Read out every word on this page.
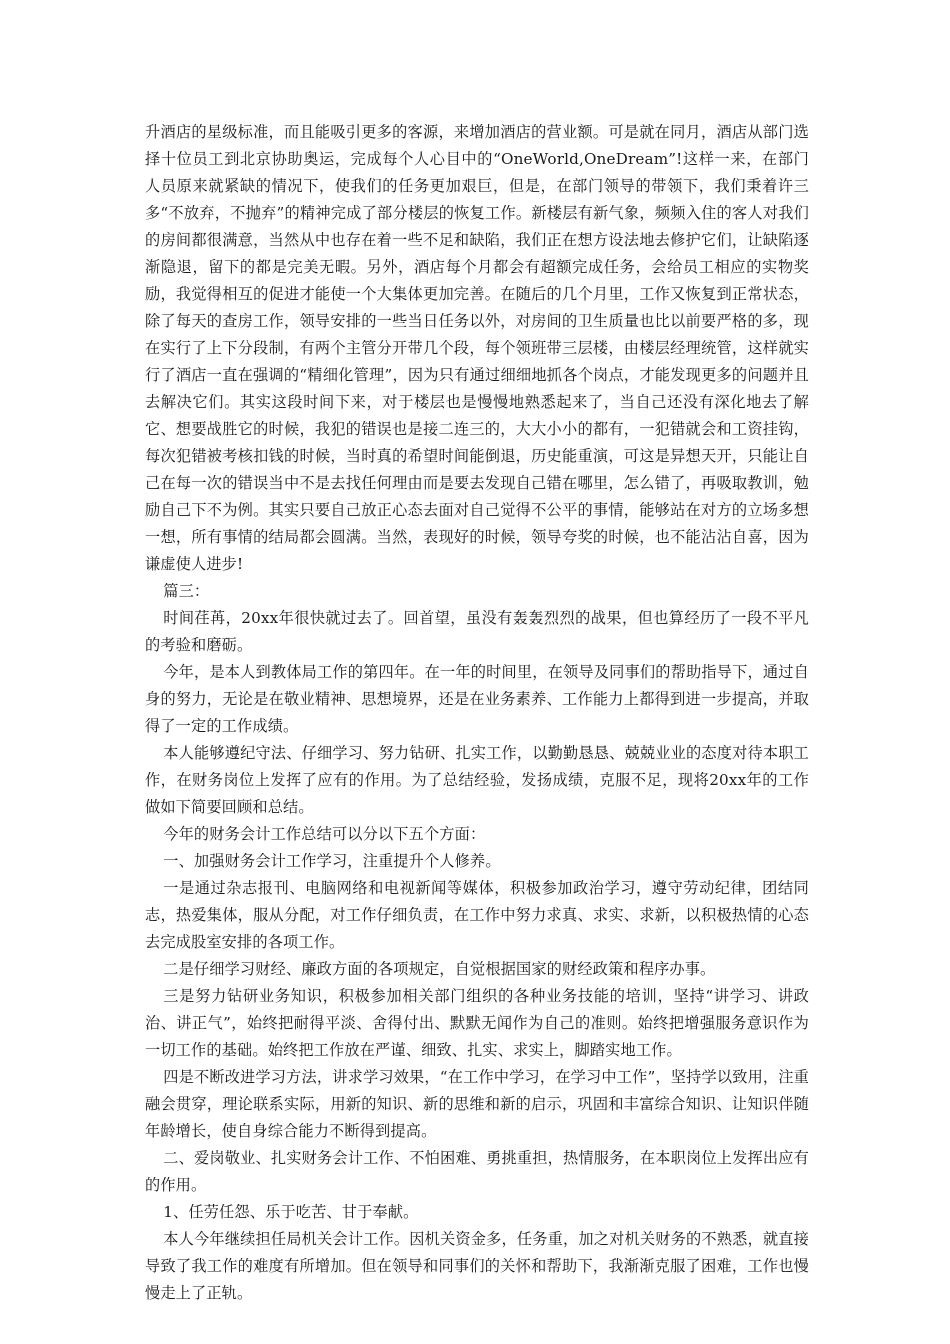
升酒店的星级标准，而且能吸引更多的客源，来增加酒店的营业额。可是就在同月，酒店从部门选择十位员工到北京协助奥运，完成每个人心目中的“OneWorld,OneDream”!这样一来，在部门人员原来就紧缺的情况下，使我们的任务更加艰巨，但是，在部门领导的带领下，我们秉着许三多“不放弃，不抛弃”的精神完成了部分楼层的恢复工作。新楼层有新气象，频频入住的客人对我们的房间都很满意，当然从中也存在着一些不足和缺陷，我们正在想方设法地去修护它们，让缺陷逐渐隐退，留下的都是完美无暇。另外，酒店每个月都会有超额完成任务，会给员工相应的实物奖励，我觉得相互的促进才能使一个大集体更加完善。在随后的几个月里，工作又恢复到正常状态，除了每天的查房工作，领导安排的一些当日任务以外，对房间的卫生质量也比以前要严格的多，现在实行了上下分段制，有两个主管分开带几个段，每个领班带三层楼，由楼层经理统管，这样就实行了酒店一直在强调的“精细化管理”，因为只有通过细细地抓各个岗点，才能发现更多的问题并且去解决它们。其实这段时间下来，对于楼层也是慢慢地熟悉起来了，当自己还没有深化地去了解它、想要战胜它的时候，我犯的错误也是接二连三的，大大小小的都有，一犯错就会和工资挂钩，每次犯错被考核扣钱的时候，当时真的希望时间能倒退，历史能重演，可这是异想天开，只能让自己在每一次的错误当中不是去找任何理由而是要去发现自己错在哪里，怎么错了，再吸取教训，勉励自己下不为例。其实只要自己放正心态去面对自己觉得不公平的事情，能够站在对方的立场多想一想，所有事情的结局都会圆满。当然，表现好的时候，领导夸奖的时候，也不能沾沾自喜，因为谦虚使人进步!

篇三：

时间荏苒，20xx年很快就过去了。回首望，虽没有轰轰烈烈的战果，但也算经历了一段不平凡的考验和磨砺。

今年，是本人到教体局工作的第四年。在一年的时间里，在领导及同事们的帮助指导下，通过自身的努力，无论是在敬业精神、思想境界，还是在业务素养、工作能力上都得到进一步提高，并取得了一定的工作成绩。

本人能够遵纪守法、仔细学习、努力钻研、扎实工作，以勤勤恳恳、兢兢业业的态度对待本职工作，在财务岗位上发挥了应有的作用。为了总结经验，发扬成绩，克服不足，现将20xx年的工作做如下简要回顾和总结。

今年的财务会计工作总结可以分以下五个方面：

一、加强财务会计工作学习，注重提升个人修养。

一是通过杂志报刊、电脑网络和电视新闻等媒体，积极参加政治学习，遵守劳动纪律，团结同志，热爱集体，服从分配，对工作仔细负责，在工作中努力求真、求实、求新，以积极热情的心态去完成股室安排的各项工作。

二是仔细学习财经、廉政方面的各项规定，自觉根据国家的财经政策和程序办事。

三是努力钻研业务知识，积极参加相关部门组织的各种业务技能的培训，坚持“讲学习、讲政治、讲正气”，始终把耐得平淡、舍得付出、默默无闻作为自己的准则。始终把增强服务意识作为一切工作的基础。始终把工作放在严谨、细致、扎实、求实上，脚踏实地工作。

四是不断改进学习方法，讲求学习效果，“在工作中学习，在学习中工作”，坚持学以致用，注重融会贯穿，理论联系实际，用新的知识、新的思维和新的启示，巩固和丰富综合知识、让知识伴随年龄增长，使自身综合能力不断得到提高。

二、爱岗敬业、扎实财务会计工作、不怕困难、勇挑重担，热情服务，在本职岗位上发挥出应有的作用。

1、任劳任怨、乐于吃苦、甘于奉献。

本人今年继续担任局机关会计工作。因机关资金多，任务重，加之对机关财务的不熟悉，就直接导致了我工作的难度有所增加。但在领导和同事们的关怀和帮助下，我渐渐克服了困难，工作也慢慢走上了正轨。
